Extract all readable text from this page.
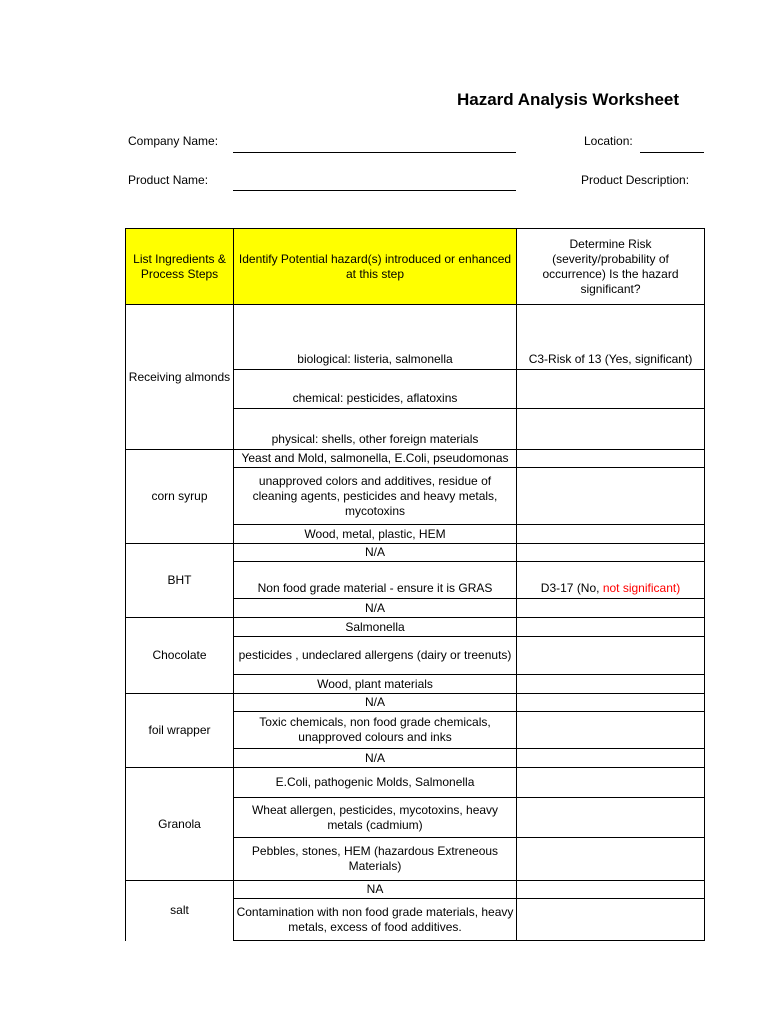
Hazard Analysis Worksheet
Company Name:	Location:
Product Name:	Product Description:
List Ingredients & Process Steps	Identify Potential hazard(s) introduced or enhanced at this step	Determine Risk (severity/probability of occurrence) Is the hazard significant?
Receiving almonds	biological: listeria, salmonella	C3-Risk of 13 (Yes, significant)
	chemical: pesticides, aflatoxins	
	physical: shells, other foreign materials	
corn syrup	Yeast and Mold, salmonella, E.Coli, pseudomonas	
	unapproved colors and additives, residue of cleaning agents, pesticides and heavy metals, mycotoxins	
	Wood, metal, plastic, HEM	
BHT	N/A	
	Non food grade material - ensure it is GRAS	D3-17 (No, not significant)
	N/A	
Chocolate	Salmonella	
	pesticides , undeclared allergens (dairy or treenuts)	
	Wood, plant materials	
foil wrapper	N/A	
	Toxic chemicals, non food grade chemicals, unapproved colours and inks	
	N/A	
Granola	E.Coli, pathogenic Molds, Salmonella	
	Wheat allergen, pesticides, mycotoxins, heavy metals (cadmium)	
	Pebbles, stones, HEM (hazardous Extreneous Materials)	
salt	NA	
	Contamination with non food grade materials, heavy metals, excess of food additives.	
